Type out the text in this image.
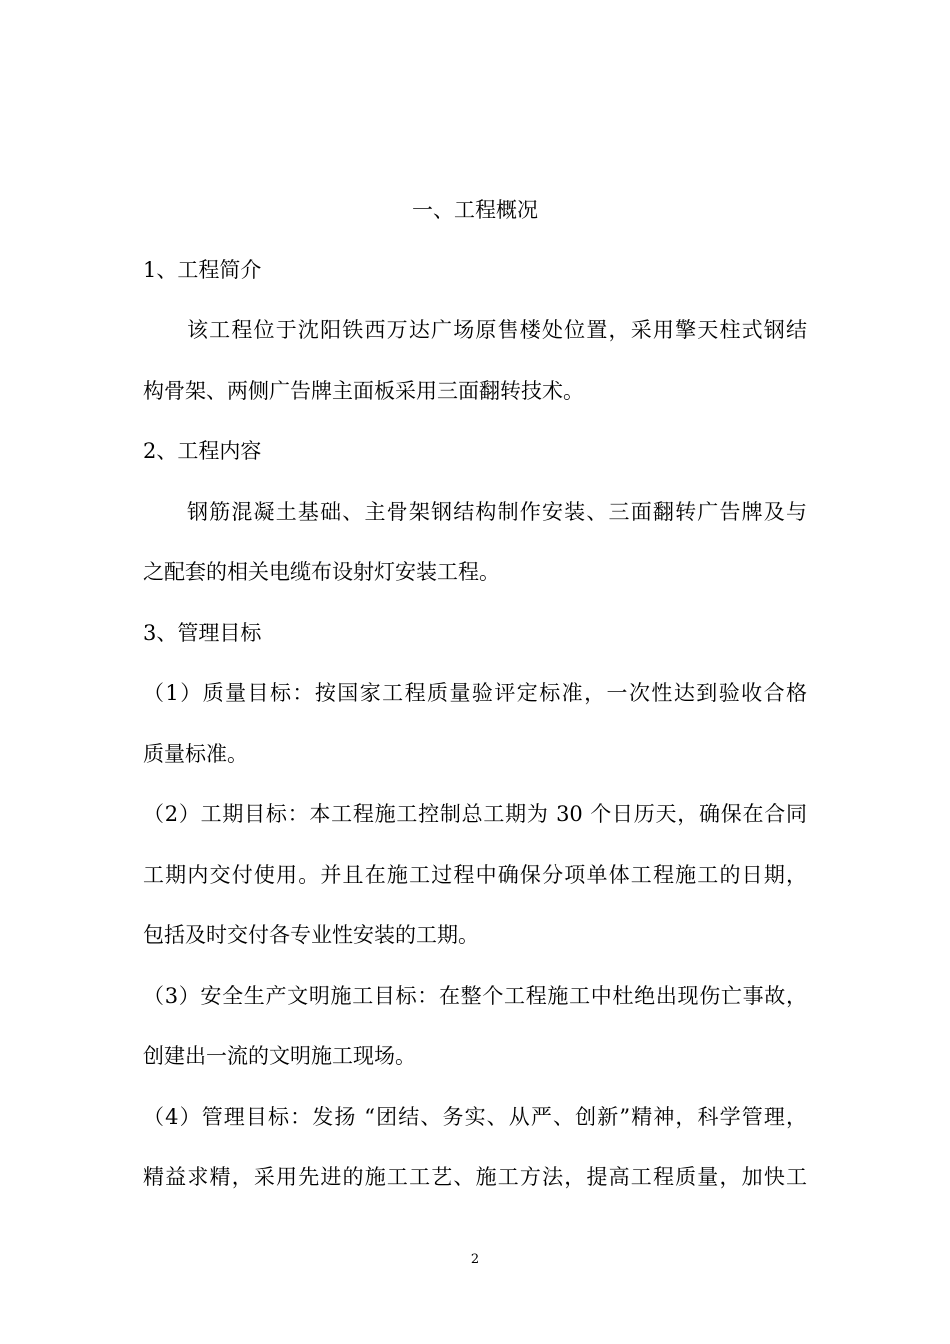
一、工程概况
1、工程简介
该工程位于沈阳铁西万达广场原售楼处位置，采用擎天柱式钢结
构骨架、两侧广告牌主面板采用三面翻转技术。
2、工程内容
钢筋混凝土基础、主骨架钢结构制作安装、三面翻转广告牌及与
之配套的相关电缆布设射灯安装工程。
3、管理目标
（1）质量目标：按国家工程质量验评定标准，一次性达到验收合格
质量标准。
（2）工期目标：本工程施工控制总工期为 30 个日历天，确保在合同
工期内交付使用。并且在施工过程中确保分项单体工程施工的日期，
包括及时交付各专业性安装的工期。
（3）安全生产文明施工目标：在整个工程施工中杜绝出现伤亡事故，
创建出一流的文明施工现场。
（4）管理目标：发扬 “团结、务实、从严、创新”精神，科学管理，
精益求精，采用先进的施工工艺、施工方法，提高工程质量，加快工
2
